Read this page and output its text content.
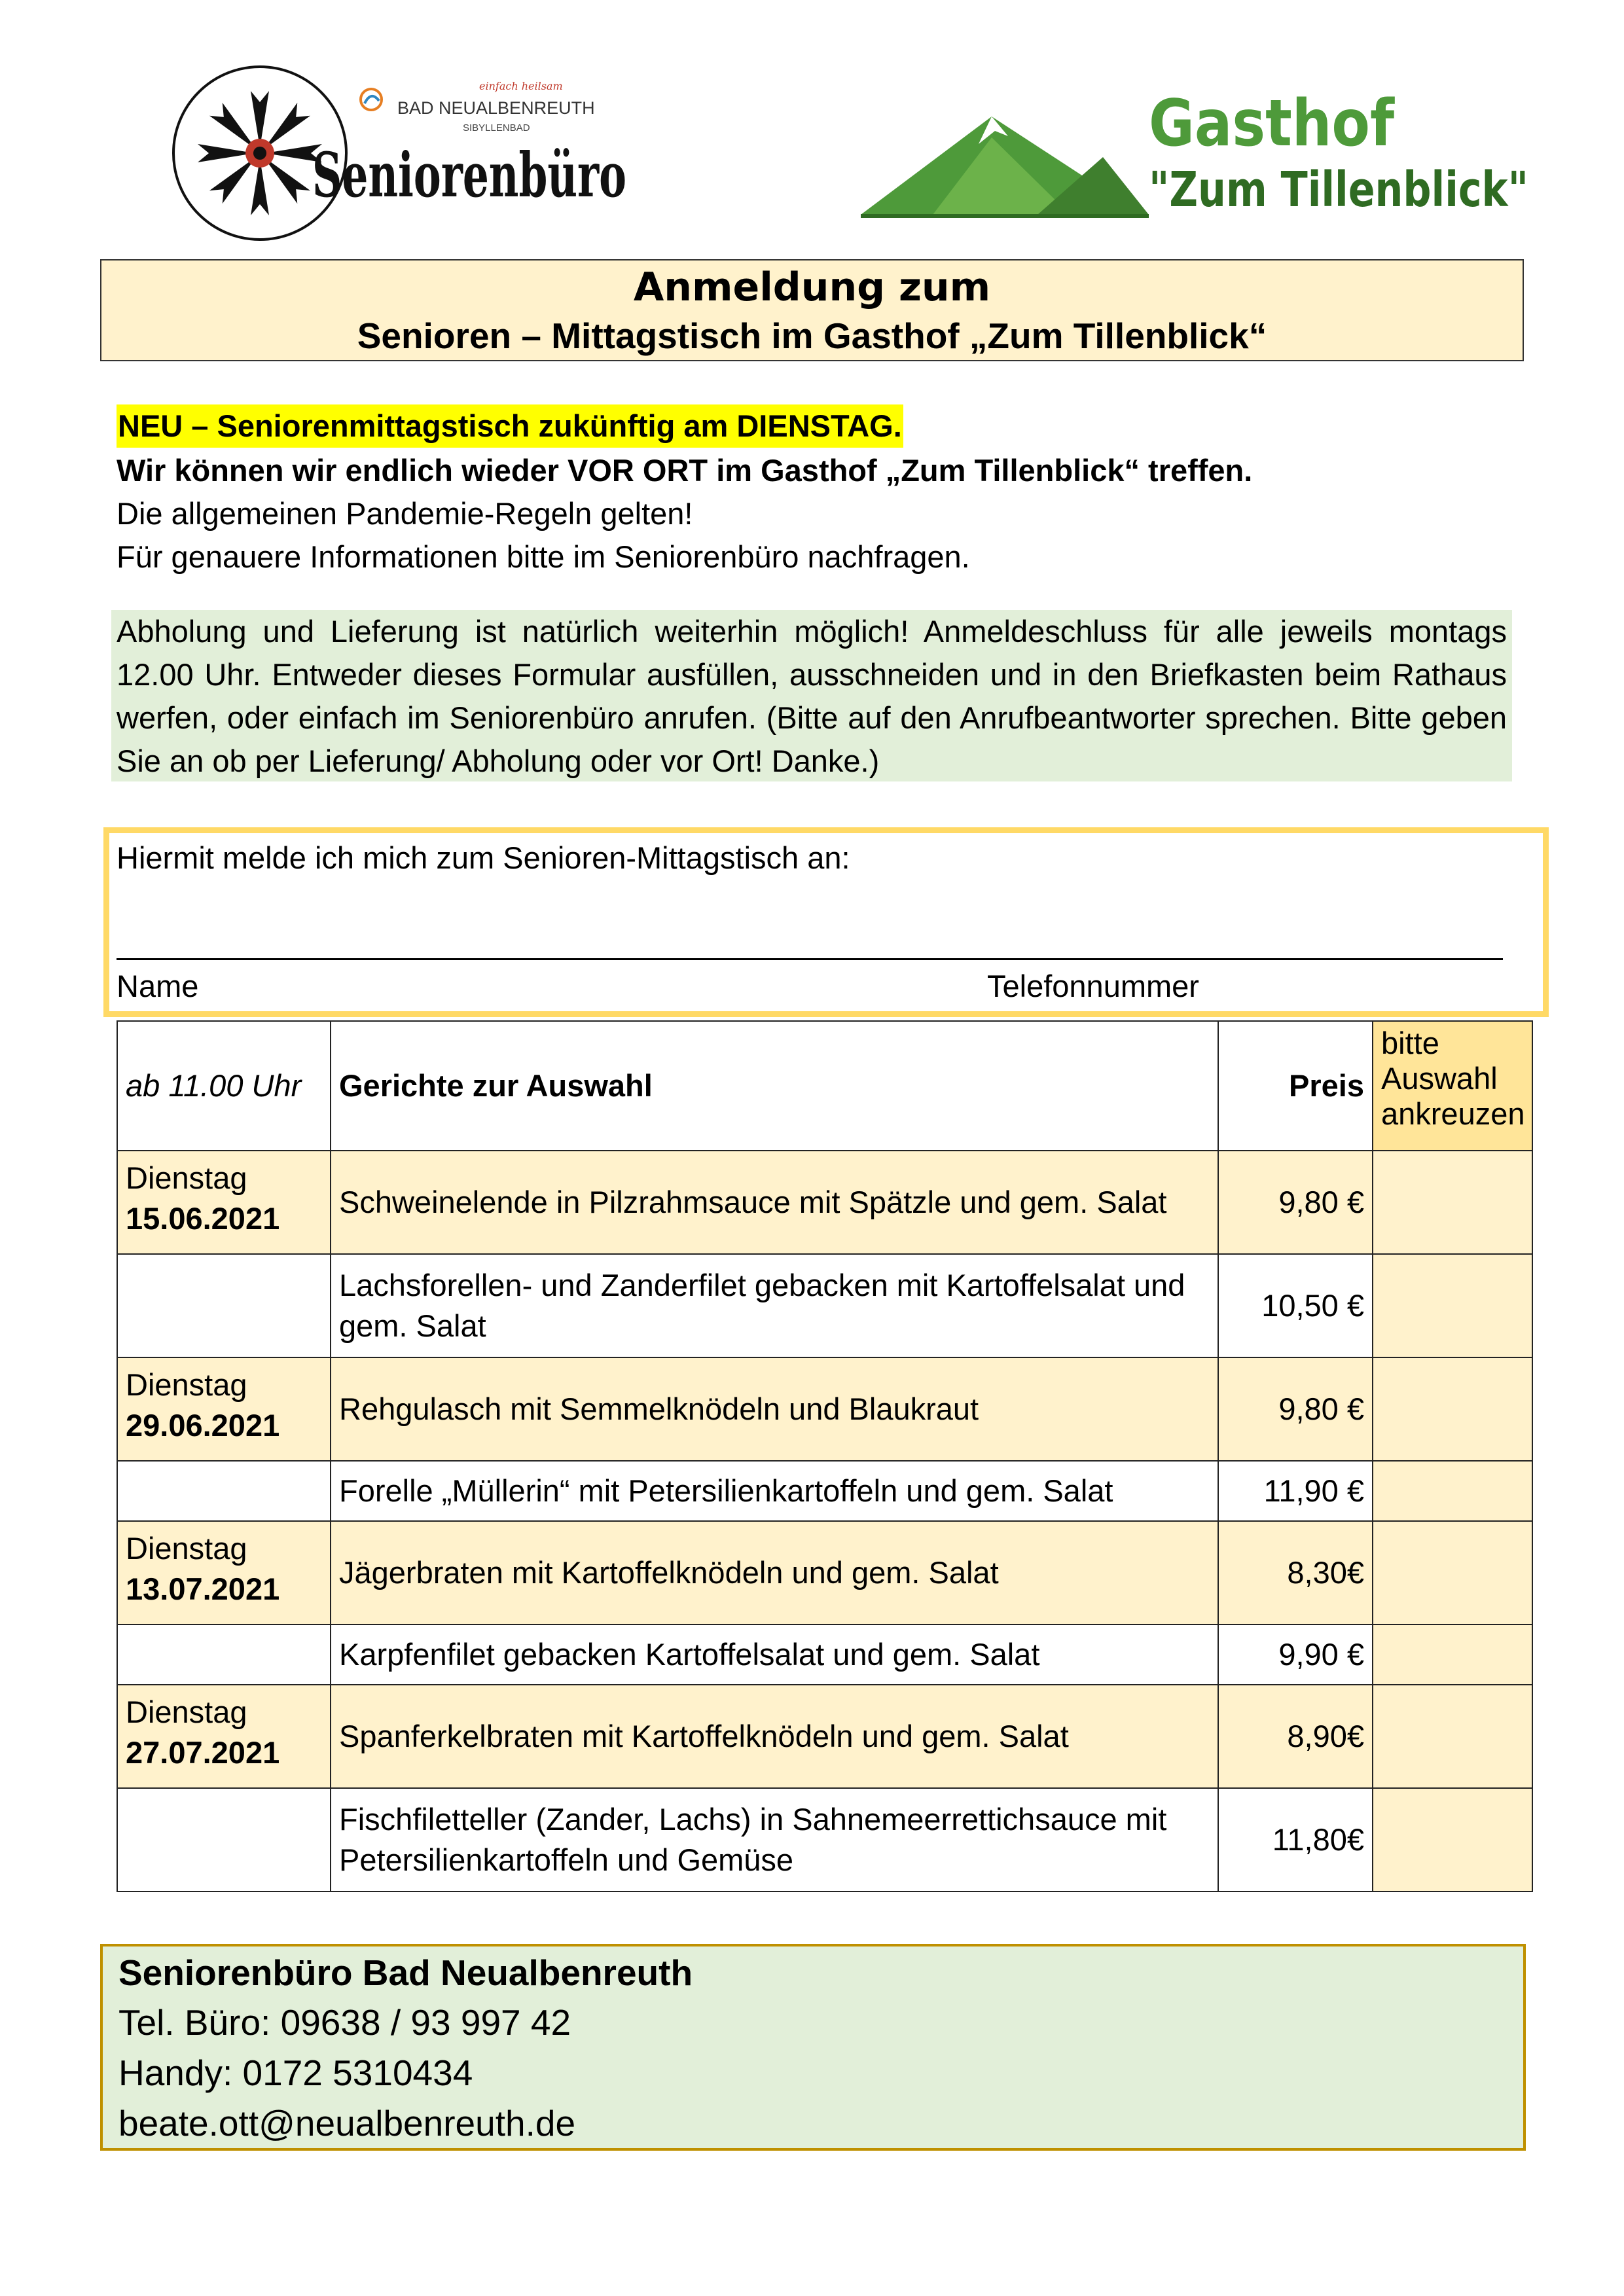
einfach heilsam
BAD NEUALBENREUTH
SIBYLLENBAD
Seniorenbüro
Gasthof
"Zum Tillenblick"
Anmeldung zum
Senioren – Mittagstisch im Gasthof „Zum Tillenblick“
NEU – Seniorenmittagstisch zukünftig am DIENSTAG.
Wir können wir endlich wieder VOR ORT im Gasthof „Zum Tillenblick“ treffen.
Die allgemeinen Pandemie-Regeln gelten!
Für genauere Informationen bitte im Seniorenbüro nachfragen.
Abholung und Lieferung ist natürlich weiterhin möglich! Anmeldeschluss für alle jeweils montags 12.00 Uhr. Entweder dieses Formular ausfüllen, ausschneiden und in den Briefkasten beim Rathaus werfen, oder einfach im Seniorenbüro anrufen. (Bitte auf den Anrufbeantworter sprechen. Bitte geben Sie an ob per Lieferung/ Abholung oder vor Ort! Danke.)
Hiermit melde ich mich zum Senioren-Mittagstisch an:
Name	Telefonnummer
ab 11.00 Uhr	Gerichte zur Auswahl	Preis	bitte Auswahl ankreuzen

Dienstag
15.06.2021	Schweinelende in Pilzrahmsauce mit Spätzle und gem. Salat	9,80 €	
	Lachsforellen- und Zanderfilet gebacken mit Kartoffelsalat und gem. Salat	10,50 €	

Dienstag
29.06.2021	Rehgulasch mit Semmelknödeln und Blaukraut	9,80 €	
	Forelle „Müllerin“ mit Petersilienkartoffeln und gem. Salat	11,90 €	

Dienstag
13.07.2021	Jägerbraten mit Kartoffelknödeln und gem. Salat	8,30€	
	Karpfenfilet gebacken Kartoffelsalat und gem. Salat	9,90 €	

Dienstag
27.07.2021	Spanferkelbraten mit Kartoffelknödeln und gem. Salat	8,90€	
	Fischfiletteller (Zander, Lachs) in Sahnemeerrettichsauce mit Petersilienkartoffeln und Gemüse	11,80€	
Seniorenbüro Bad Neualbenreuth
Tel. Büro: 09638 / 93 997 42
Handy: 0172 5310434
beate.ott@neualbenreuth.de
